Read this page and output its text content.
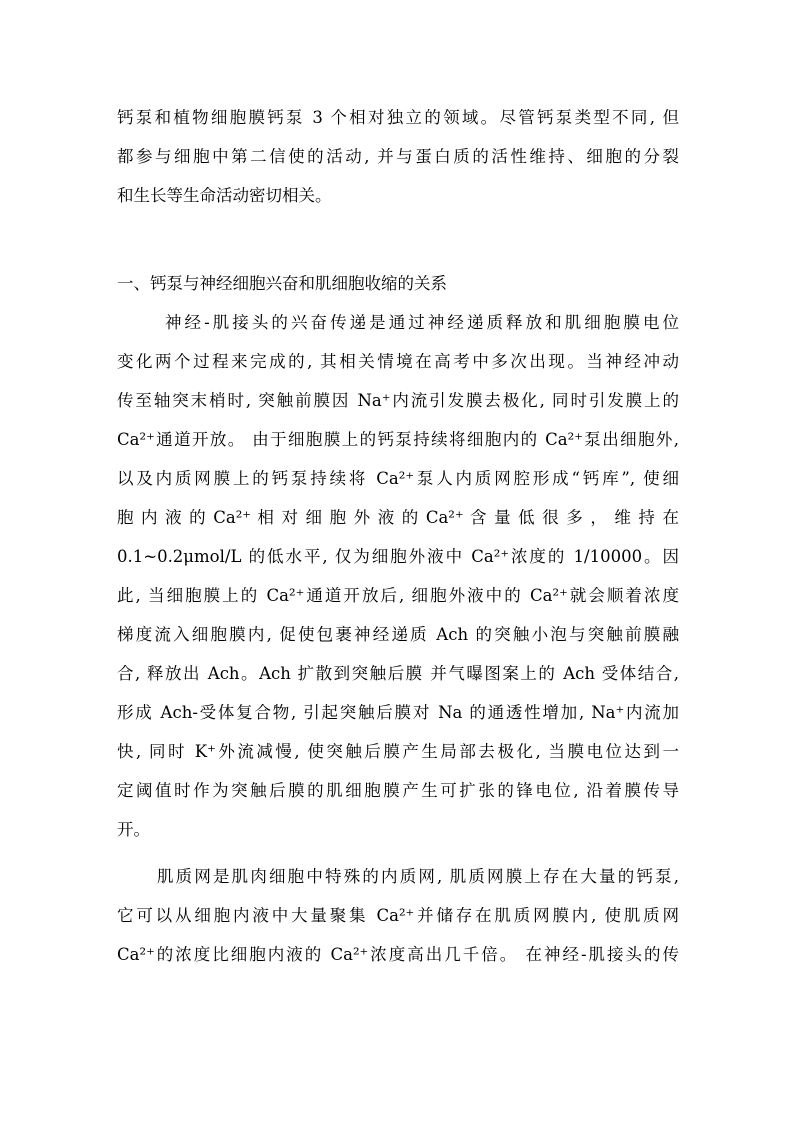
钙泵和植物细胞膜钙泵 3 个相对独立的领域。尽管钙泵类型不同, 但
都参与细胞中第二信使的活动, 并与蛋白质的活性维持、细胞的分裂
和生长等生命活动密切相关。
一、钙泵与神经细胞兴奋和肌细胞收缩的关系
神经-肌接头的兴奋传递是通过神经递质释放和肌细胞膜电位
变化两个过程来完成的, 其相关情境在高考中多次出现。当神经冲动
传至轴突末梢时, 突触前膜因 Na⁺内流引发膜去极化, 同时引发膜上的
Ca²⁺通道开放。 由于细胞膜上的钙泵持续将细胞内的 Ca²⁺泵出细胞外,
以及内质网膜上的钙泵持续将 Ca²⁺泵人内质网腔形成“钙库”, 使细
胞 内 液 的 Ca²⁺ 相 对 细 胞 外 液 的 Ca²⁺ 含 量 低 很 多 ， 维 持 在
0.1~0.2μmol/L 的低水平, 仅为细胞外液中 Ca²⁺浓度的 1/10000。因
此, 当细胞膜上的 Ca²⁺通道开放后, 细胞外液中的 Ca²⁺就会顺着浓度
梯度流入细胞膜内, 促使包裹神经递质 Ach 的突触小泡与突触前膜融
合, 释放出 Ach。Ach 扩散到突触后膜 并气曝图案上的 Ach 受体结合,
形成 Ach-受体复合物, 引起突触后膜对 Na 的通透性增加, Na⁺内流加
快, 同时 K⁺外流减慢, 使突触后膜产生局部去极化, 当膜电位达到一
定阈值时作为突触后膜的肌细胞膜产生可扩张的锋电位, 沿着膜传导
开。
肌质网是肌肉细胞中特殊的内质网, 肌质网膜上存在大量的钙泵,
它可以从细胞内液中大量聚集 Ca²⁺并储存在肌质网膜内, 使肌质网
Ca²⁺的浓度比细胞内液的 Ca²⁺浓度高出几千倍。 在神经-肌接头的传
